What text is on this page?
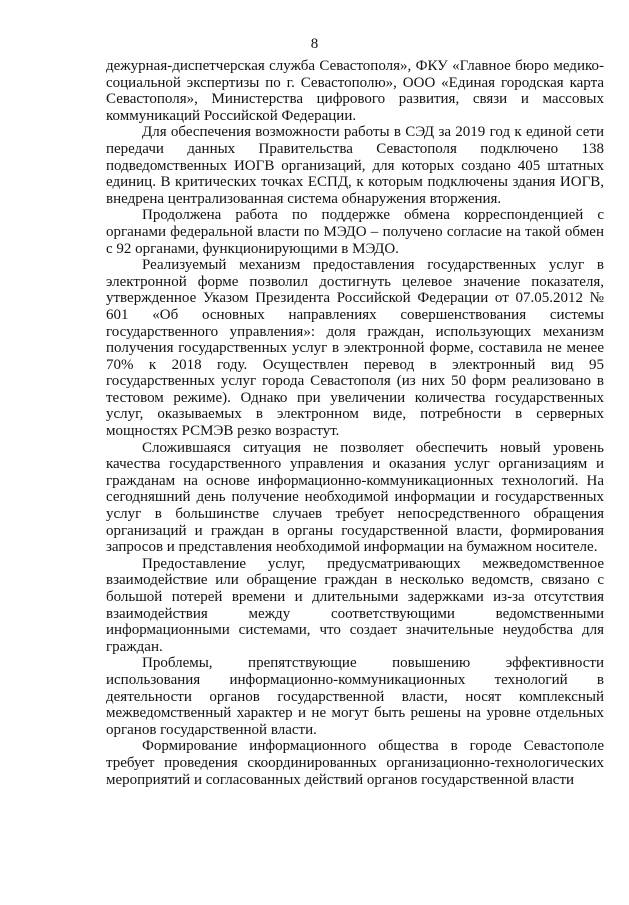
8

дежурная-диспетчерская служба Севастополя», ФКУ «Главное бюро медико-социальной экспертизы по г. Севастополю», ООО «Единая городская карта Севастополя», Министерства цифрового развития, связи и массовых коммуникаций Российской Федерации.

Для обеспечения возможности работы в СЭД за 2019 год к единой сети передачи данных Правительства Севастополя подключено 138 подведомственных ИОГВ организаций, для которых создано 405 штатных единиц. В критических точках ЕСПД, к которым подключены здания ИОГВ, внедрена централизованная система обнаружения вторжения.

Продолжена работа по поддержке обмена корреспонденцией с органами федеральной власти по МЭДО – получено согласие на такой обмен с 92 органами, функционирующими в МЭДО.

Реализуемый механизм предоставления государственных услуг в электронной форме позволил достигнуть целевое значение показателя, утвержденное Указом Президента Российской Федерации от 07.05.2012 № 601 «Об основных направлениях совершенствования системы государственного управления»: доля граждан, использующих механизм получения государственных услуг в электронной форме, составила не менее 70% к 2018 году. Осуществлен перевод в электронный вид 95 государственных услуг города Севастополя (из них 50 форм реализовано в тестовом режиме). Однако при увеличении количества государственных услуг, оказываемых в электронном виде, потребности в серверных мощностях РСМЭВ резко возрастут.

Сложившаяся ситуация не позволяет обеспечить новый уровень качества государственного управления и оказания услуг организациям и гражданам на основе информационно-коммуникационных технологий. На сегодняшний день получение необходимой информации и государственных услуг в большинстве случаев требует непосредственного обращения организаций и граждан в органы государственной власти, формирования запросов и представления необходимой информации на бумажном носителе.

Предоставление услуг, предусматривающих межведомственное взаимодействие или обращение граждан в несколько ведомств, связано с большой потерей времени и длительными задержками из-за отсутствия взаимодействия между соответствующими ведомственными информационными системами, что создает значительные неудобства для граждан.

Проблемы, препятствующие повышению эффективности использования информационно-коммуникационных технологий в деятельности органов государственной власти, носят комплексный межведомственный характер и не могут быть решены на уровне отдельных органов государственной власти.

Формирование информационного общества в городе Севастополе требует проведения скоординированных организационно-технологических мероприятий и согласованных действий органов государственной власти
